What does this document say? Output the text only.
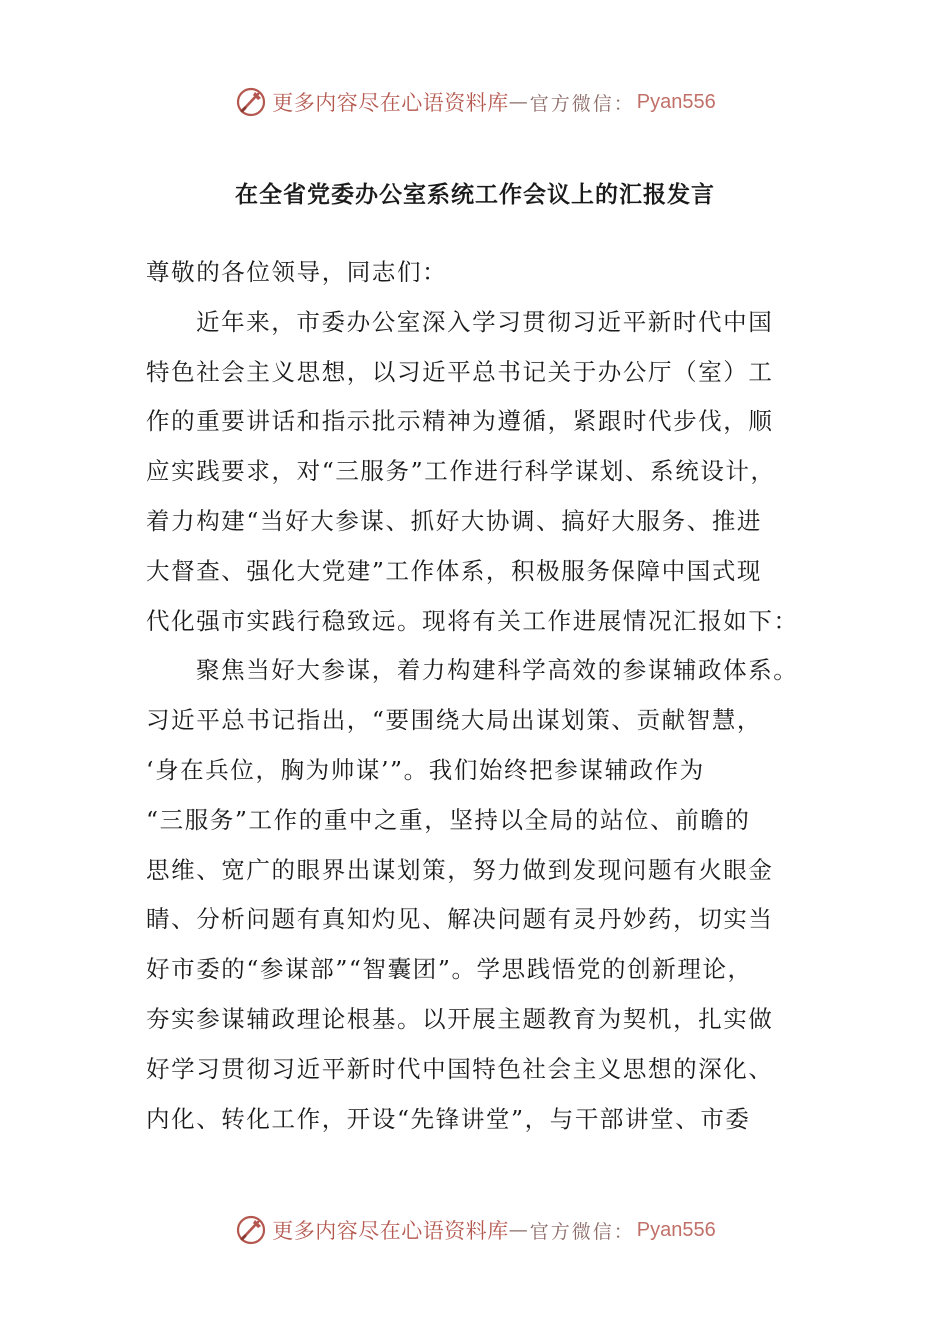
更多内容尽在心语资料库 — 官方微信： Pyan556
在全省党委办公室系统工作会议上的汇报发言
尊敬的各位领导，同志们：
近年来，市委办公室深入学习贯彻习近平新时代中国
特色社会主义思想，以习近平总书记关于办公厅（室）工
作的重要讲话和指示批示精神为遵循，紧跟时代步伐，顺
应实践要求，对“三服务”工作进行科学谋划、系统设计，
着力构建“当好大参谋、抓好大协调、搞好大服务、推进
大督查、强化大党建”工作体系，积极服务保障中国式现
代化强市实践行稳致远。现将有关工作进展情况汇报如下：
聚焦当好大参谋，着力构建科学高效的参谋辅政体系。
习近平总书记指出，“要围绕大局出谋划策、贡献智慧，
‘身在兵位，胸为帅谋’”。我们始终把参谋辅政作为
“三服务”工作的重中之重，坚持以全局的站位、前瞻的
思维、宽广的眼界出谋划策，努力做到发现问题有火眼金
睛、分析问题有真知灼见、解决问题有灵丹妙药，切实当
好市委的“参谋部”“智囊团”。学思践悟党的创新理论，
夯实参谋辅政理论根基。以开展主题教育为契机，扎实做
好学习贯彻习近平新时代中国特色社会主义思想的深化、
内化、转化工作，开设“先锋讲堂”，与干部讲堂、市委
更多内容尽在心语资料库 — 官方微信： Pyan556
